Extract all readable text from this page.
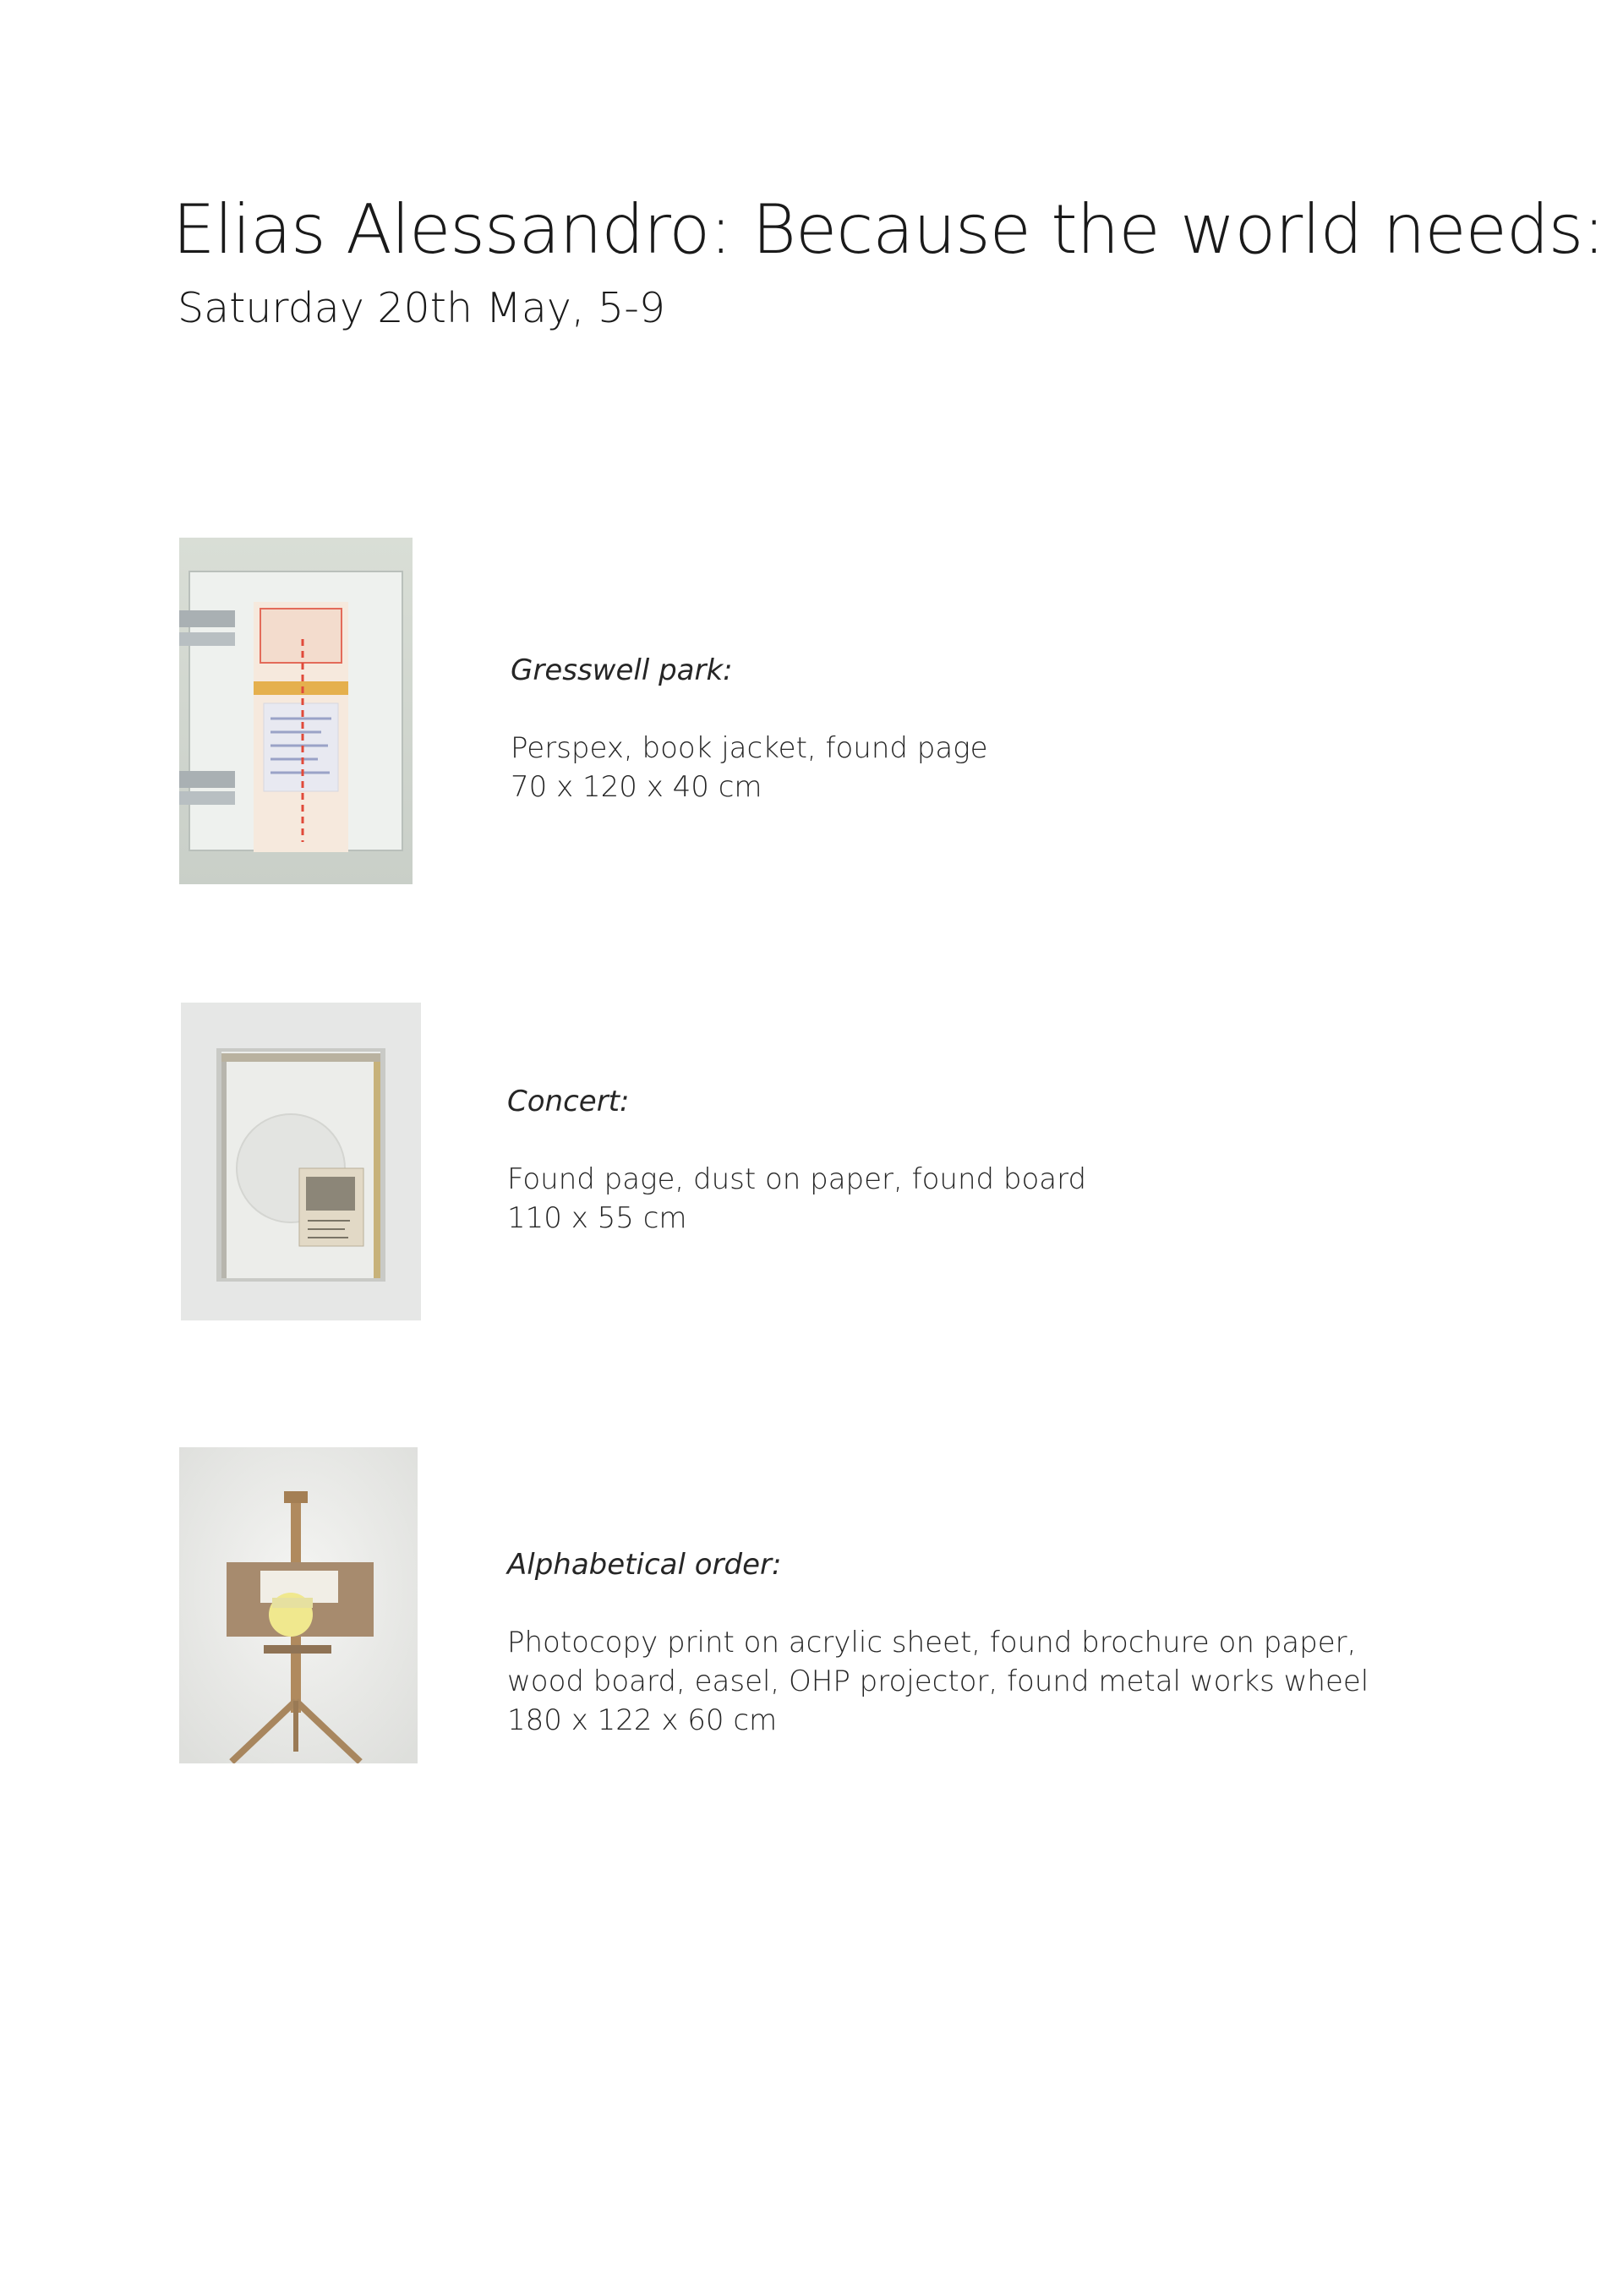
Elias Alessandro: Because the world needs:

Saturday 20th May, 5-9

Gresswell park:

Perspex, book jacket, found page

70 x 120 x 40 cm

Concert:

Found page, dust on paper, found board

110 x 55 cm

Alphabetical order:

Photocopy print on acrylic sheet, found brochure on paper,

wood board, easel, OHP projector, found metal works wheel

180 x 122 x 60 cm
